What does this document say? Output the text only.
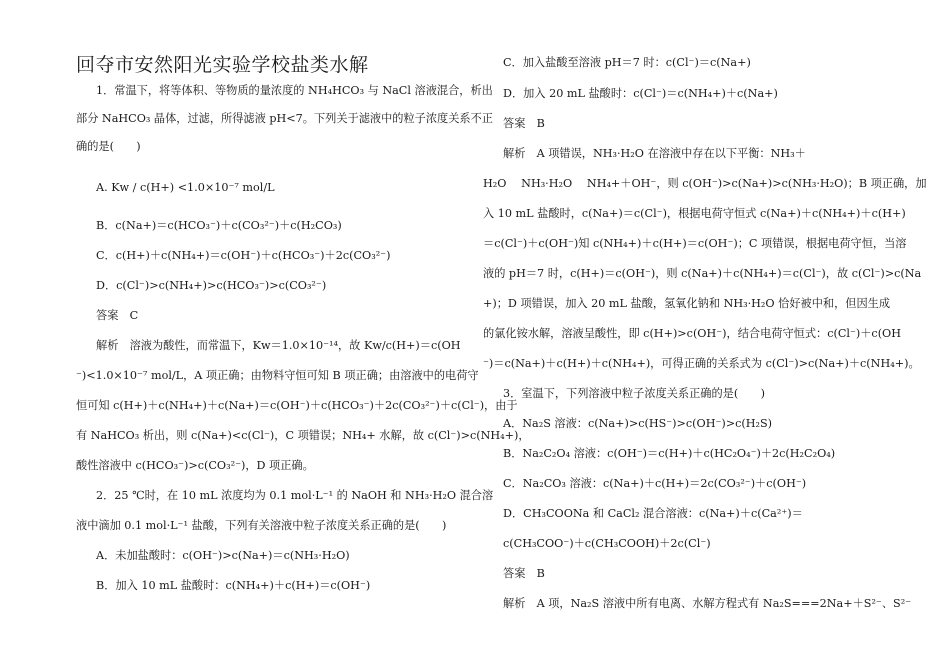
回夺市安然阳光实验学校盐类水解
1．常温下，将等体积、等物质的量浓度的 NH₄HCO₃ 与 NaCl 溶液混合，析出
部分 NaHCO₃ 晶体，过滤，所得滤液 pH<7。下列关于滤液中的粒子浓度关系不正
确的是(　　)
A. Kw / c(H+) <1.0×10⁻⁷ mol/L
B．c(Na+)＝c(HCO₃⁻)＋c(CO₃²⁻)＋c(H₂CO₃)
C．c(H+)＋c(NH₄+)＝c(OH⁻)＋c(HCO₃⁻)＋2c(CO₃²⁻)
D．c(Cl⁻)>c(NH₄+)>c(HCO₃⁻)>c(CO₃²⁻)
答案　C
解析　溶液为酸性，而常温下，Kw＝1.0×10⁻¹⁴，故 Kw/c(H+)＝c(OH
⁻)<1.0×10⁻⁷ mol/L，A 项正确；由物料守恒可知 B 项正确；由溶液中的电荷守
恒可知 c(H+)＋c(NH₄+)＋c(Na+)＝c(OH⁻)＋c(HCO₃⁻)＋2c(CO₃²⁻)＋c(Cl⁻)，由于
有 NaHCO₃ 析出，则 c(Na+)<c(Cl⁻)，C 项错误；NH₄+ 水解，故 c(Cl⁻)>c(NH₄+)，
酸性溶液中 c(HCO₃⁻)>c(CO₃²⁻)，D 项正确。
2．25 ℃时，在 10 mL 浓度均为 0.1 mol·L⁻¹ 的 NaOH 和 NH₃·H₂O 混合溶
液中滴加 0.1 mol·L⁻¹ 盐酸，下列有关溶液中粒子浓度关系正确的是(　　)
A．未加盐酸时：c(OH⁻)>c(Na+)＝c(NH₃·H₂O)
B．加入 10 mL 盐酸时：c(NH₄+)＋c(H+)＝c(OH⁻)
C．加入盐酸至溶液 pH＝7 时：c(Cl⁻)＝c(Na+)
D．加入 20 mL 盐酸时：c(Cl⁻)＝c(NH₄+)＋c(Na+)
答案　B
解析　A 项错误，NH₃·H₂O 在溶液中存在以下平衡：NH₃＋
H₂O　 NH₃·H₂O　 NH₄+＋OH⁻，则 c(OH⁻)>c(Na+)>c(NH₃·H₂O)；B 项正确，加
入 10 mL 盐酸时，c(Na+)＝c(Cl⁻)，根据电荷守恒式 c(Na+)＋c(NH₄+)＋c(H+)
＝c(Cl⁻)＋c(OH⁻)知 c(NH₄+)＋c(H+)＝c(OH⁻)；C 项错误，根据电荷守恒，当溶
液的 pH＝7 时，c(H+)＝c(OH⁻)，则 c(Na+)＋c(NH₄+)＝c(Cl⁻)，故 c(Cl⁻)>c(Na
+)；D 项错误，加入 20 mL 盐酸，氢氧化钠和 NH₃·H₂O 恰好被中和，但因生成
的氯化铵水解，溶液呈酸性，即 c(H+)>c(OH⁻)，结合电荷守恒式：c(Cl⁻)＋c(OH
⁻)＝c(Na+)＋c(H+)＋c(NH₄+)，可得正确的关系式为 c(Cl⁻)>c(Na+)＋c(NH₄+)。
3．室温下，下列溶液中粒子浓度关系正确的是(　　)
A．Na₂S 溶液：c(Na+)>c(HS⁻)>c(OH⁻)>c(H₂S)
B．Na₂C₂O₄ 溶液：c(OH⁻)＝c(H+)＋c(HC₂O₄⁻)＋2c(H₂C₂O₄)
C．Na₂CO₃ 溶液：c(Na+)＋c(H+)＝2c(CO₃²⁻)＋c(OH⁻)
D．CH₃COONa 和 CaCl₂ 混合溶液：c(Na+)＋c(Ca²⁺)＝
c(CH₃COO⁻)＋c(CH₃COOH)＋2c(Cl⁻)
答案　B
解析　A 项，Na₂S 溶液中所有电离、水解方程式有 Na₂S===2Na+＋S²⁻、S²⁻
